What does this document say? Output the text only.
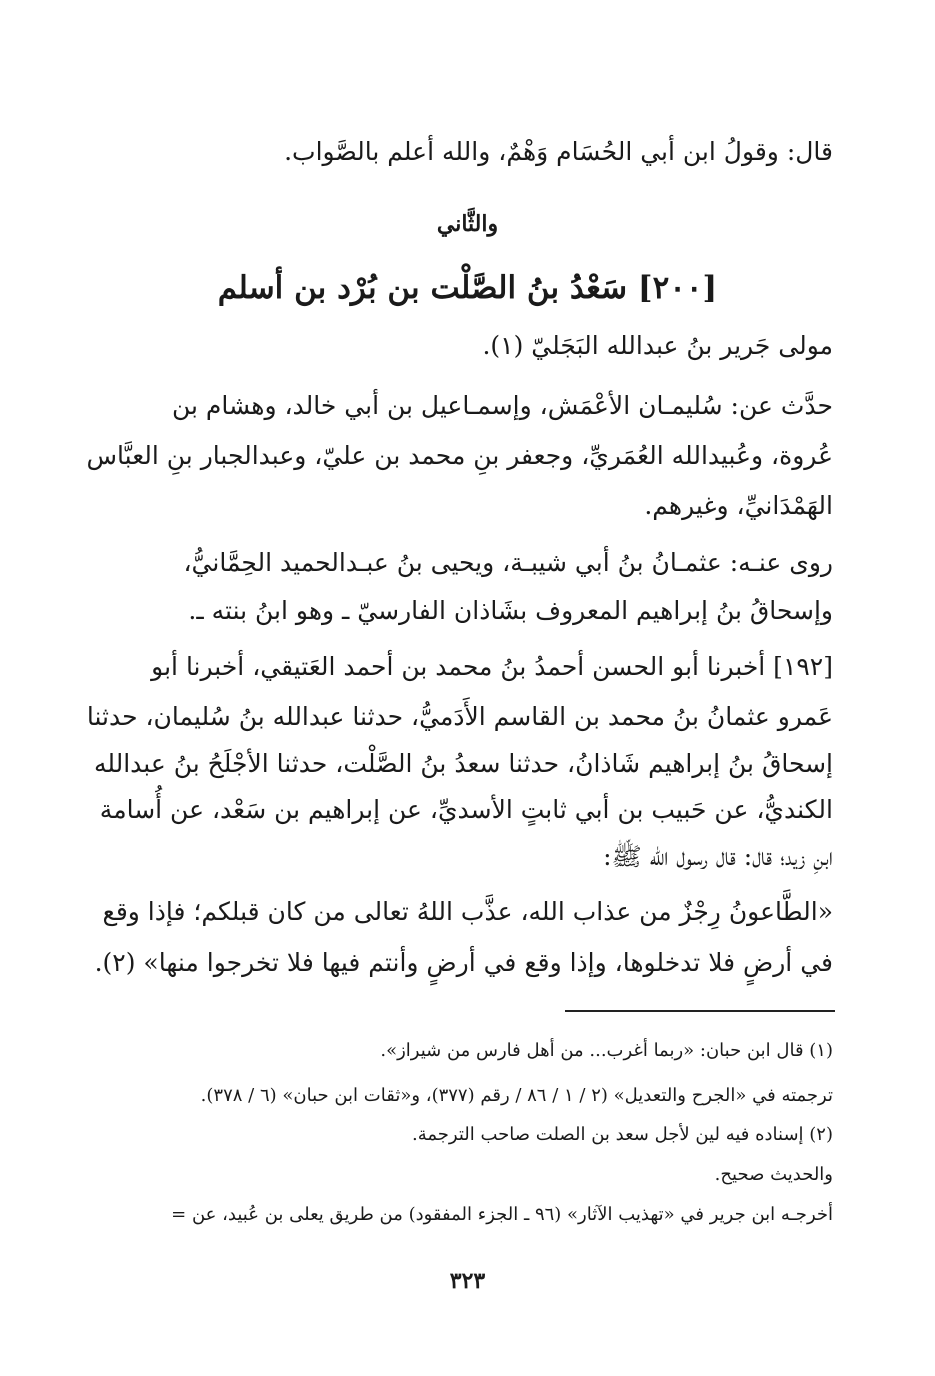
قال: وقولُ ابن أبي الحُسَام وَهْمٌ، والله أعلم بالصَّواب.
والثَّاني
[٢٠٠] سَعْدُ بنُ الصَّلْت بن بُرْد بن أسلم
مولى جَرير بنُ عبدالله البَجَليّ (١).
حدَّث عن: سُليمـان الأعْمَش، وإسمـاعيل بن أبي خالد، وهشام بن
عُروة، وعُبيدالله العُمَريِّ، وجعفر بنِ محمد بن عليّ، وعبدالجبار بنِ العبَّاس
الهَمْدَانيِّ، وغيرهم.
روى عنـه: عثمـانُ بنُ أبي شيبـة، ويحيى بنُ عبـدالحميد الحِمَّانيُّ،
وإسحاقُ بنُ إبراهيم المعروف بشَاذان الفارسيّ ـ وهو ابنُ بنته ـ.
[١٩٢] أخبرنا أبو الحسن أحمدُ بنُ محمد بن أحمد العَتيقي، أخبرنا أبو
عَمرو عثمانُ بنُ محمد بن القاسم الأَدَميُّ، حدثنا عبدالله بنُ سُليمان، حدثنا
إسحاقُ بنُ إبراهيم شَاذانُ، حدثنا سعدُ بنُ الصَّلْت، حدثنا الأجْلَحُ بنُ عبدالله
الكنديُّ، عن حَبيب بن أبي ثابتٍ الأسديِّ، عن إبراهيم بن سَعْد، عن أُسامة
ابنِ زيد؛ قال: قال رسول الله ﷺ:
«الطَّاعونُ رِجْزٌ من عذاب الله، عذَّب اللهُ تعالى من كان قبلكم؛ فإذا وقع
في أرضٍ فلا تدخلوها، وإذا وقع في أرضٍ وأنتم فيها فلا تخرجوا منها» (٢).
(١) قال ابن حبان: «ربما أغرب... من أهل فارس من شيراز».
ترجمته في «الجرح والتعديل» (٢ / ١ / ٨٦ / رقم (٣٧٧)، و«ثقات ابن حبان» (٦ / ٣٧٨).
(٢) إسناده فيه لين لأجل سعد بن الصلت صاحب الترجمة.
والحديث صحيح.
أخرجـه ابن جرير في «تهذيب الآثار» (٩٦ ـ الجزء المفقود) من طريق يعلى بن عُبيد، عن =
٣٢٣
